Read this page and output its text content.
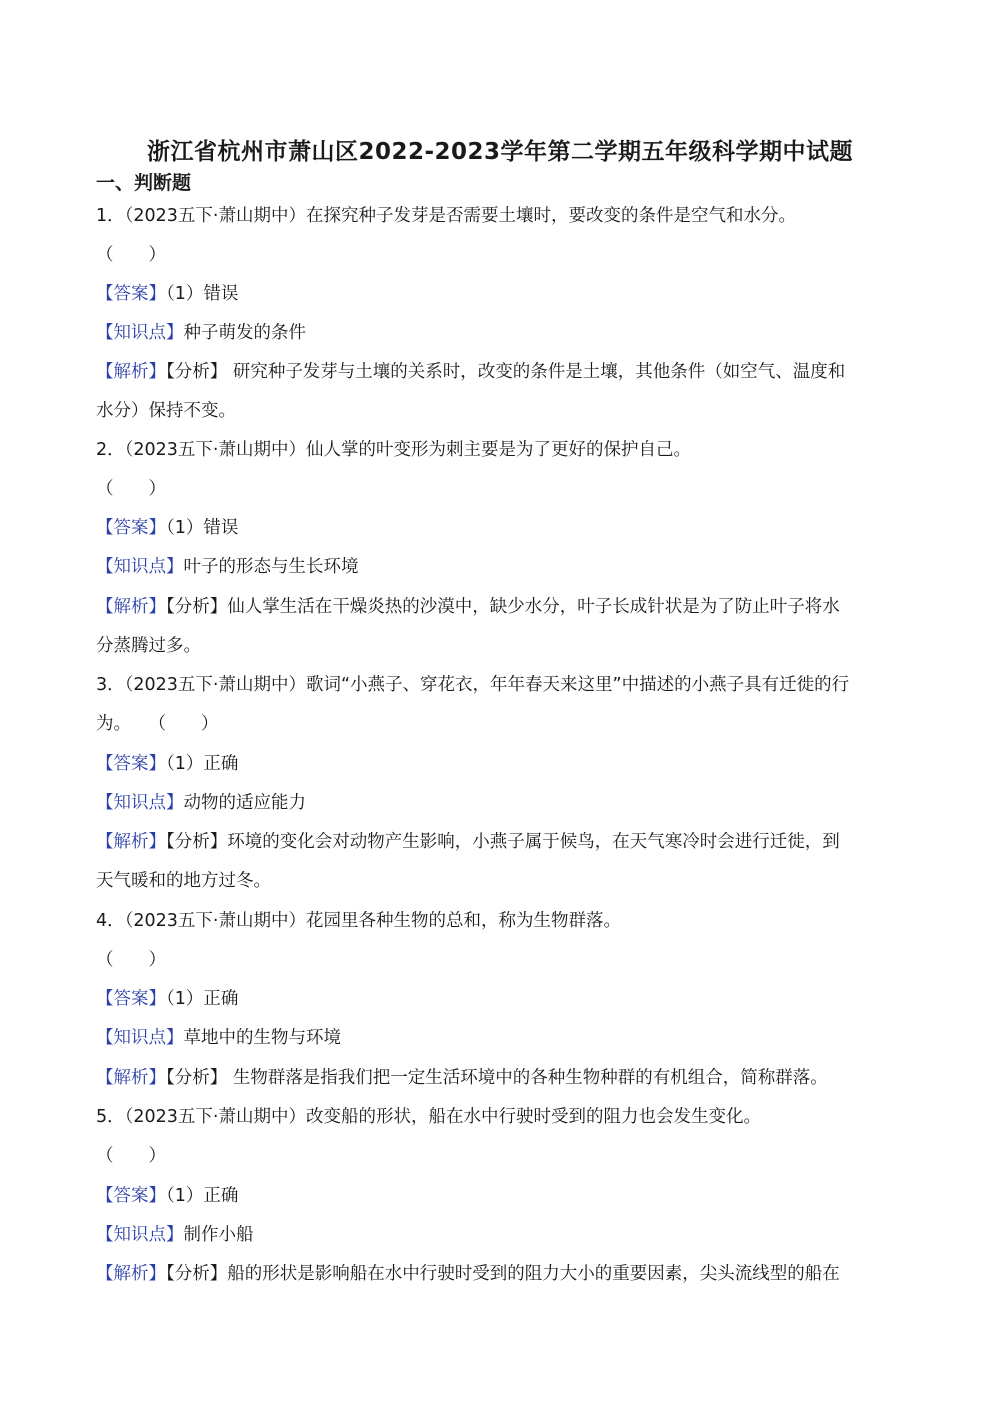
浙江省杭州市萧山区2022-2023学年第二学期五年级科学期中试题
一、判断题
1．（2023五下·萧山期中）在探究种子发芽是否需要土壤时，要改变的条件是空气和水分。
（　　）
【答案】（1）错误
【知识点】种子萌发的条件
【解析】【分析】 研究种子发芽与土壤的关系时，改变的条件是土壤，其他条件（如空气、温度和
水分）保持不变。
2．（2023五下·萧山期中）仙人掌的叶变形为刺主要是为了更好的保护自己。
（　　）
【答案】（1）错误
【知识点】叶子的形态与生长环境
【解析】【分析】仙人掌生活在干燥炎热的沙漠中，缺少水分，叶子长成针状是为了防止叶子将水
分蒸腾过多。
3．（2023五下·萧山期中）歌词“小燕子、穿花衣，年年春天来这里”中描述的小燕子具有迁徙的行
为。　　（　　）
【答案】（1）正确
【知识点】动物的适应能力
【解析】【分析】环境的变化会对动物产生影响，小燕子属于候鸟，在天气寒冷时会进行迁徙，到
天气暖和的地方过冬。
4．（2023五下·萧山期中）花园里各种生物的总和，称为生物群落。
（　　）
【答案】（1）正确
【知识点】草地中的生物与环境
【解析】【分析】 生物群落是指我们把一定生活环境中的各种生物种群的有机组合，简称群落。
5．（2023五下·萧山期中）改变船的形状，船在水中行驶时受到的阻力也会发生变化。
（　　）
【答案】（1）正确
【知识点】制作小船
【解析】【分析】船的形状是影响船在水中行驶时受到的阻力大小的重要因素，尖头流线型的船在
